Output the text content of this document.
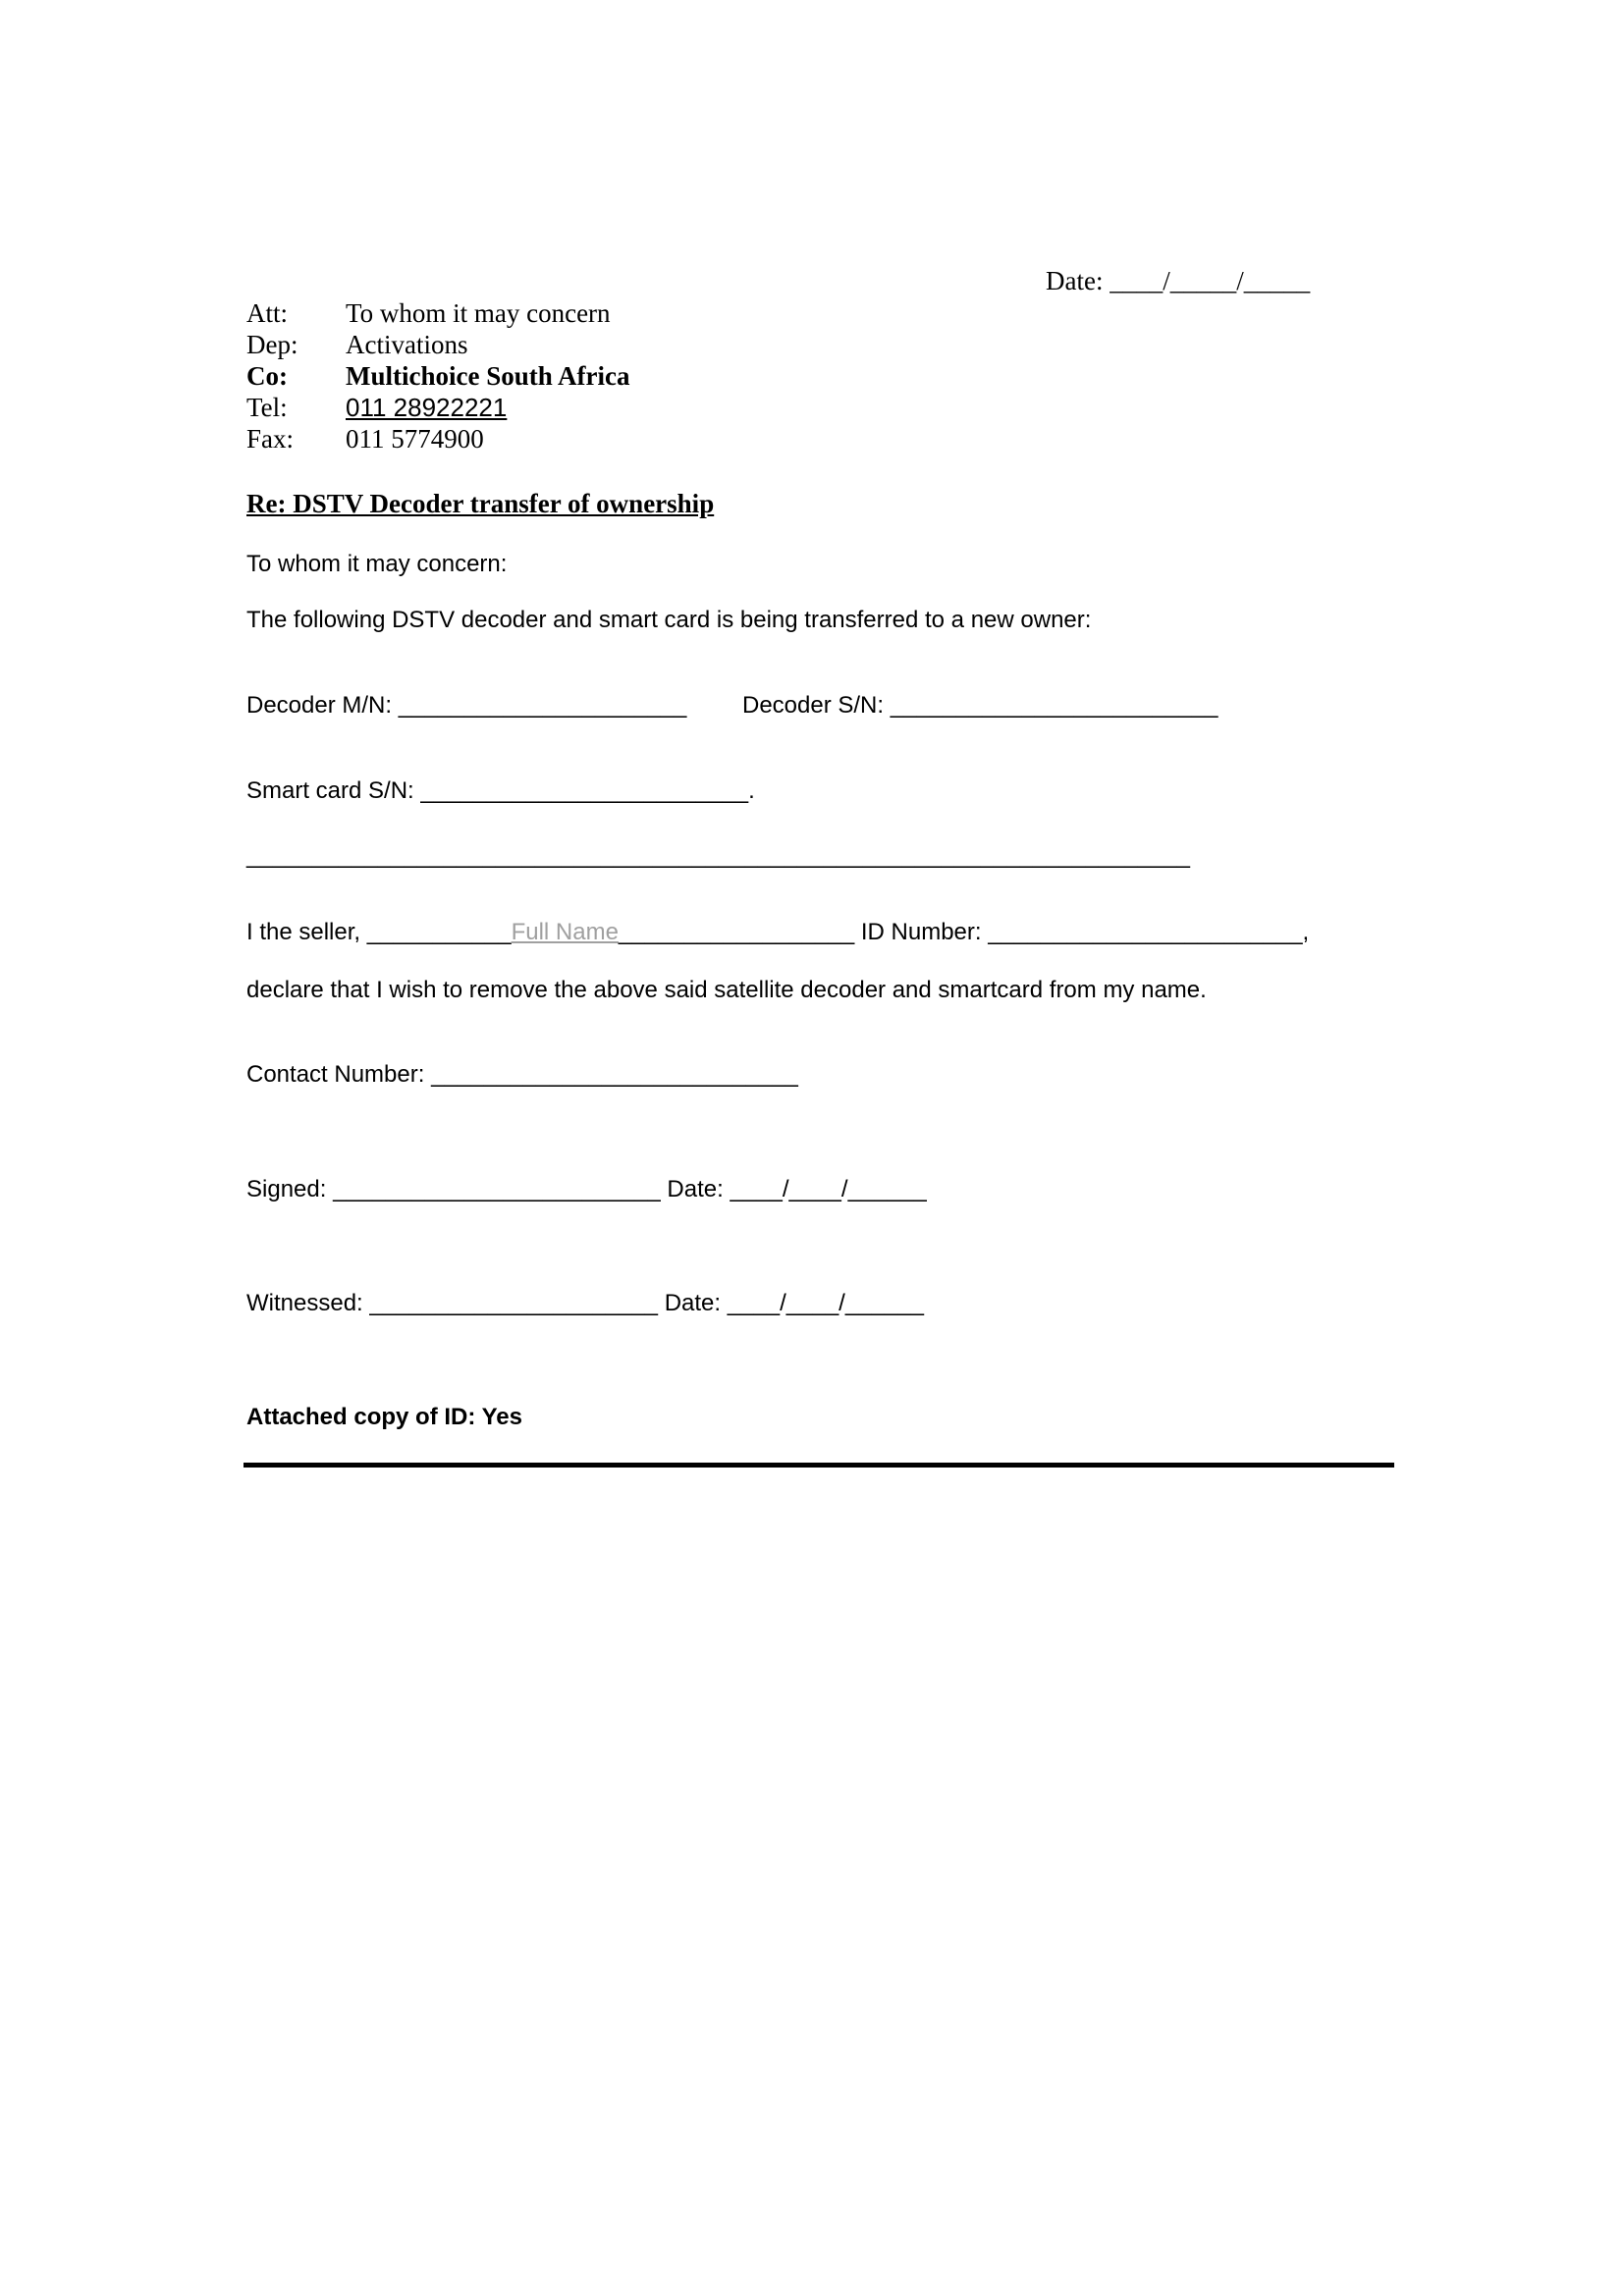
Date: ____/_____/_____
Att: To whom it may concern
Dep: Activations
Co: Multichoice South Africa
Tel: 011 28922221
Fax: 011 5774900
Re: DSTV Decoder transfer of ownership
To whom it may concern:
The following DSTV decoder and smart card is being transferred to a new owner:
Decoder M/N: ______________________ Decoder S/N: _________________________
Smart card S/N: _________________________.
________________________________________________________________________
I the seller, ___________Full Name__________________ ID Number: ________________________,
declare that I wish to remove the above said satellite decoder and smartcard from my name.
Contact Number: ____________________________
Signed: _________________________ Date: ____/____/______
Witnessed: ______________________ Date: ____/____/______
Attached copy of ID: Yes
